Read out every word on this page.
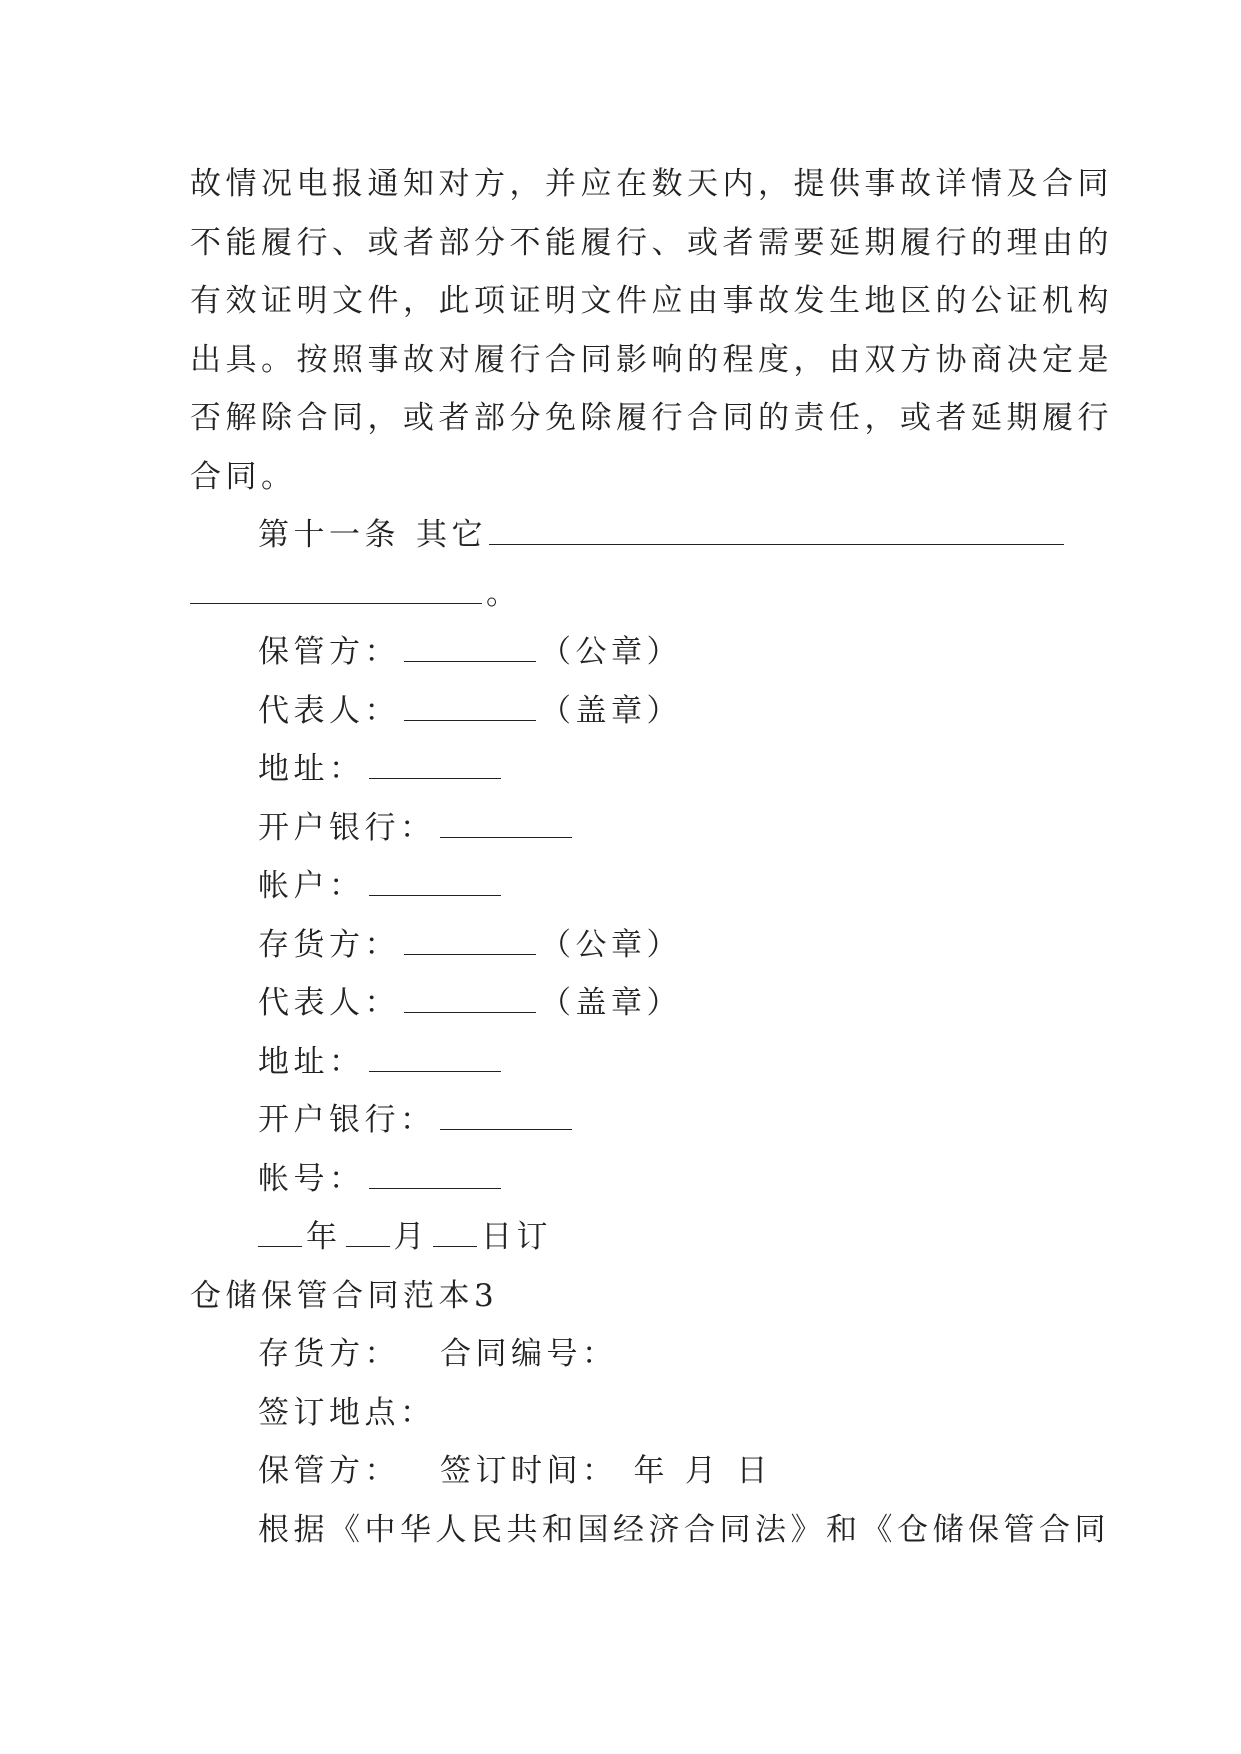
故情况电报通知对方，并应在数天内，提供事故详情及合同
不能履行、或者部分不能履行、或者需要延期履行的理由的
有效证明文件，此项证明文件应由事故发生地区的公证机构
出具。按照事故对履行合同影响的程度，由双方协商决定是
否解除合同，或者部分免除履行合同的责任，或者延期履行
合同。
第十一条 其它
。
保管方：	（公章）
代表人：	（盖章）
地址：
开户银行：
帐户：
存货方：	（公章）
代表人：	（盖章）
地址：
开户银行：
帐号：
年 月 日订
仓储保管合同范本3
存货方： 合同编号：
签订地点：
保管方： 签订时间： 年 月 日
根据《中华人民共和国经济合同法》和《仓储保管合同
